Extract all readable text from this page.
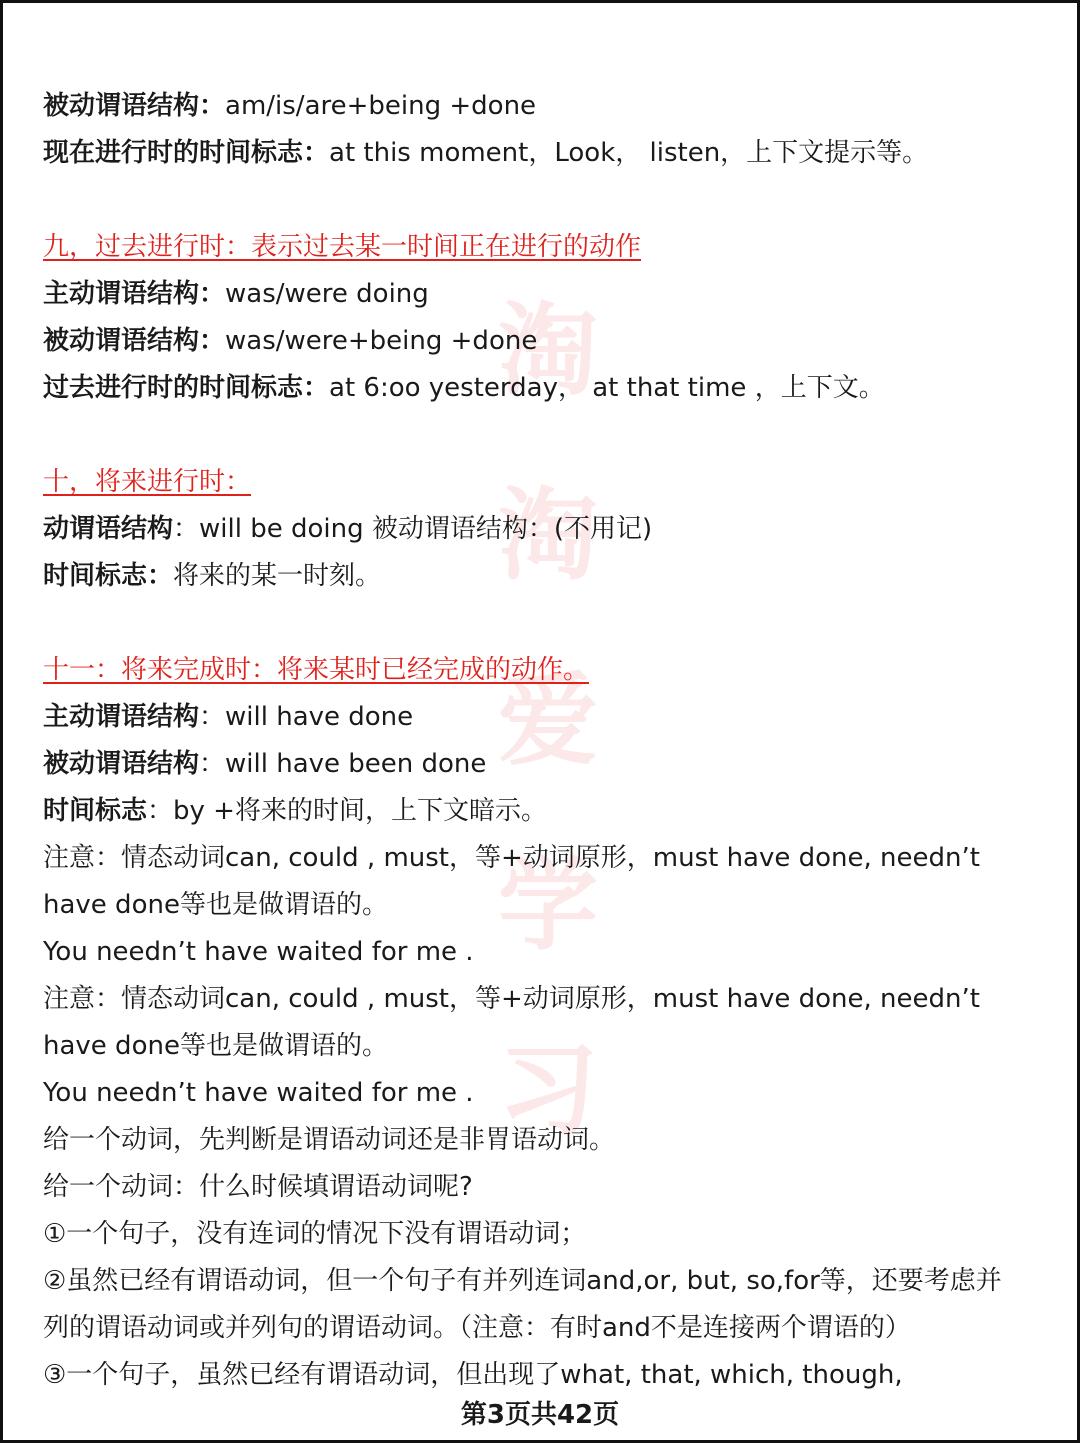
淘
淘
爱
学
习
被动谓语结构：am/is/are+being +done
现在进行时的时间标志：at this moment，Look， listen，上下文提示等。
九，过去进行时：表示过去某一时间正在进行的动作
主动谓语结构：was/were doing
被动谓语结构：was/were+being +done
过去进行时的时间标志：at 6:oo yesterday， at that time ，上下文。
十，将来进行时：
动谓语结构：will be doing 被动谓语结构：(不用记)
时间标志：将来的某一时刻。
十一：将来完成时：将来某时已经完成的动作。
主动谓语结构：will have done
被动谓语结构：will have been done
时间标志：by +将来的时间，上下文暗示。
注意：情态动词can, could , must，等+动词原形，must have done, needn’t
have done等也是做谓语的。
You needn’t have waited for me .
注意：情态动词can, could , must，等+动词原形，must have done, needn’t
have done等也是做谓语的。
You needn’t have waited for me .
给一个动词，先判断是谓语动词还是非胃语动词。
给一个动词：什么时候填谓语动词呢?
①一个句子，没有连词的情况下没有谓语动词；
②虽然已经有谓语动词，但一个句子有并列连词and,or, but, so,for等，还要考虑并
列的谓语动词或并列句的谓语动词。（注意：有时and不是连接两个谓语的）
③一个句子，虽然已经有谓语动词，但出现了what, that, which, though,
第3页共42页
